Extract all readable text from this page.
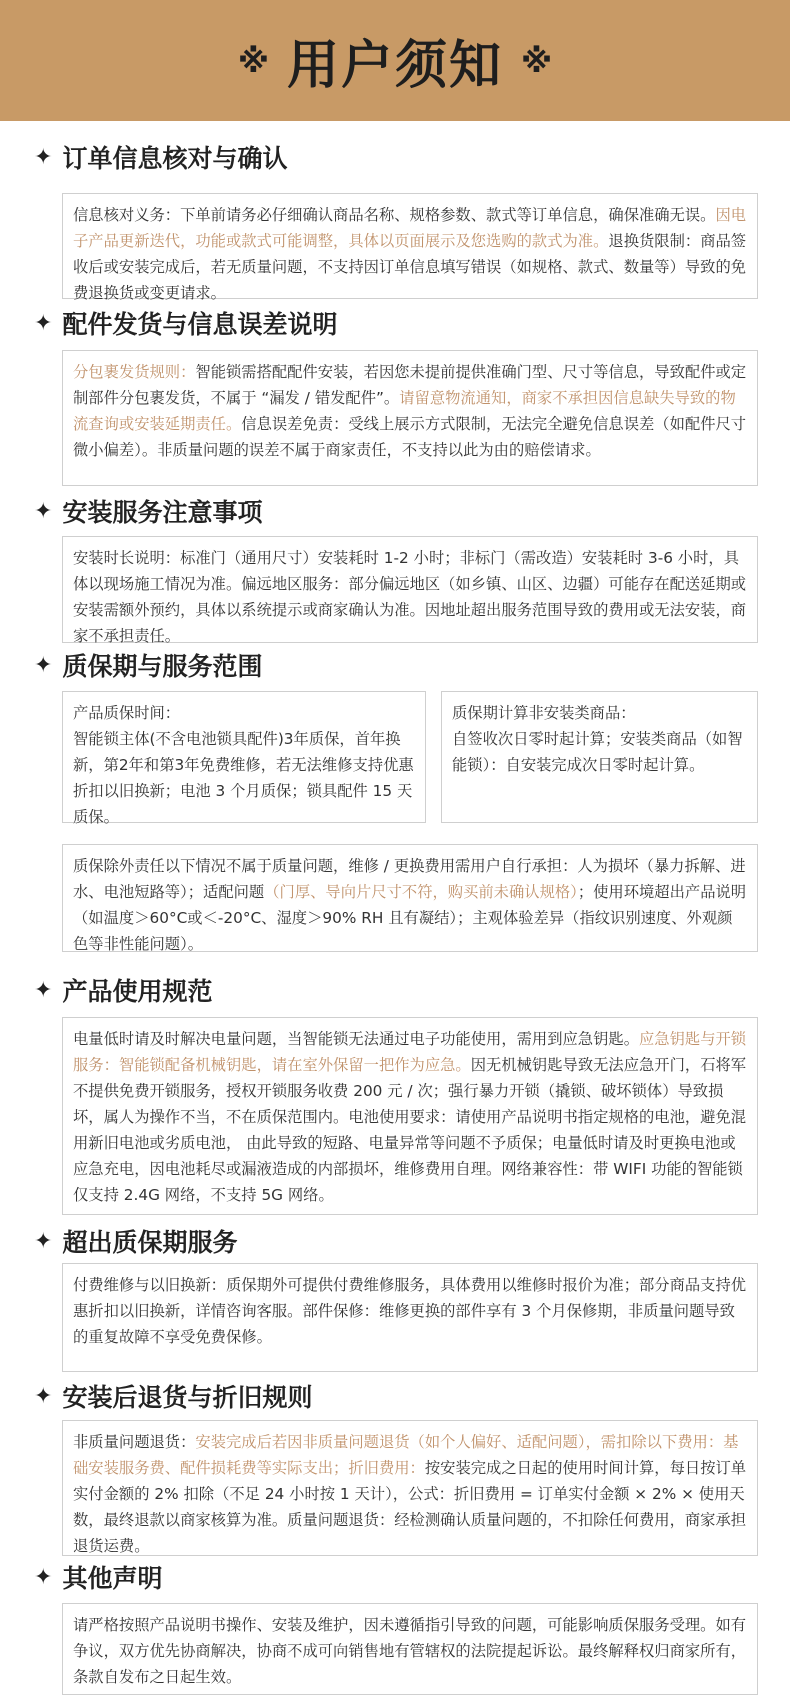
※ 用户须知 ※
✦ 订单信息核对与确认
信息核对义务：下单前请务必仔细确认商品名称、规格参数、款式等订单信息，确保准确无误。因电子产品更新迭代，功能或款式可能调整，具体以页面展示及您选购的款式为准。退换货限制：商品签收后或安装完成后，若无质量问题，不支持因订单信息填写错误（如规格、款式、数量等）导致的免费退换货或变更请求。
✦ 配件发货与信息误差说明
分包裹发货规则：智能锁需搭配配件安装，若因您未提前提供准确门型、尺寸等信息，导致配件或定制部件分包裹发货，不属于 “漏发 / 错发配件”。请留意物流通知，商家不承担因信息缺失导致的物流查询或安装延期责任。信息误差免责：受线上展示方式限制，无法完全避免信息误差（如配件尺寸微小偏差）。非质量问题的误差不属于商家责任，不支持以此为由的赔偿请求。
✦ 安装服务注意事项
安装时长说明：标准门（通用尺寸）安装耗时 1-2 小时；非标门（需改造）安装耗时 3-6 小时，具体以现场施工情况为准。偏远地区服务：部分偏远地区（如乡镇、山区、边疆）可能存在配送延期或安装需额外预约，具体以系统提示或商家确认为准。因地址超出服务范围导致的费用或无法安装，商家不承担责任。
✦ 质保期与服务范围
产品质保时间：
智能锁主体(不含电池锁具配件)3年质保，首年换新，第2年和第3年免费维修，若无法维修支持优惠折扣以旧换新；电池 3 个月质保；锁具配件 15 天质保。
质保期计算非安装类商品：
自签收次日零时起计算；安装类商品（如智能锁）：自安装完成次日零时起计算。
质保除外责任以下情况不属于质量问题，维修 / 更换费用需用户自行承担：人为损坏（暴力拆解、进水、电池短路等）；适配问题（门厚、导向片尺寸不符，购买前未确认规格）；使用环境超出产品说明（如温度＞60°C或＜-20°C、湿度＞90% RH 且有凝结）；主观体验差异（指纹识别速度、外观颜色等非性能问题）。
✦ 产品使用规范
电量低时请及时解决电量问题，当智能锁无法通过电子功能使用，需用到应急钥匙。应急钥匙与开锁服务：智能锁配备机械钥匙，请在室外保留一把作为应急。因无机械钥匙导致无法应急开门，石将军不提供免费开锁服务，授权开锁服务收费 200 元 / 次；强行暴力开锁（撬锁、破坏锁体）导致损坏，属人为操作不当，不在质保范围内。电池使用要求：请使用产品说明书指定规格的电池，避免混用新旧电池或劣质电池， 由此导致的短路、电量异常等问题不予质保；电量低时请及时更换电池或应急充电，因电池耗尽或漏液造成的内部损坏，维修费用自理。网络兼容性：带 WIFI 功能的智能锁仅支持 2.4G 网络，不支持 5G 网络。
✦ 超出质保期服务
付费维修与以旧换新：质保期外可提供付费维修服务，具体费用以维修时报价为准；部分商品支持优惠折扣以旧换新，详情咨询客服。部件保修：维修更换的部件享有 3 个月保修期，非质量问题导致的重复故障不享受免费保修。
✦ 安装后退货与折旧规则
非质量问题退货：安装完成后若因非质量问题退货（如个人偏好、适配问题），需扣除以下费用：基础安装服务费、配件损耗费等实际支出；折旧费用：按安装完成之日起的使用时间计算，每日按订单实付金额的 2% 扣除（不足 24 小时按 1 天计），公式：折旧费用 = 订单实付金额 × 2% × 使用天数，最终退款以商家核算为准。质量问题退货：经检测确认质量问题的，不扣除任何费用，商家承担退货运费。
✦ 其他声明
请严格按照产品说明书操作、安装及维护，因未遵循指引导致的问题，可能影响质保服务受理。如有争议，双方优先协商解决，协商不成可向销售地有管辖权的法院提起诉讼。最终解释权归商家所有，条款自发布之日起生效。
